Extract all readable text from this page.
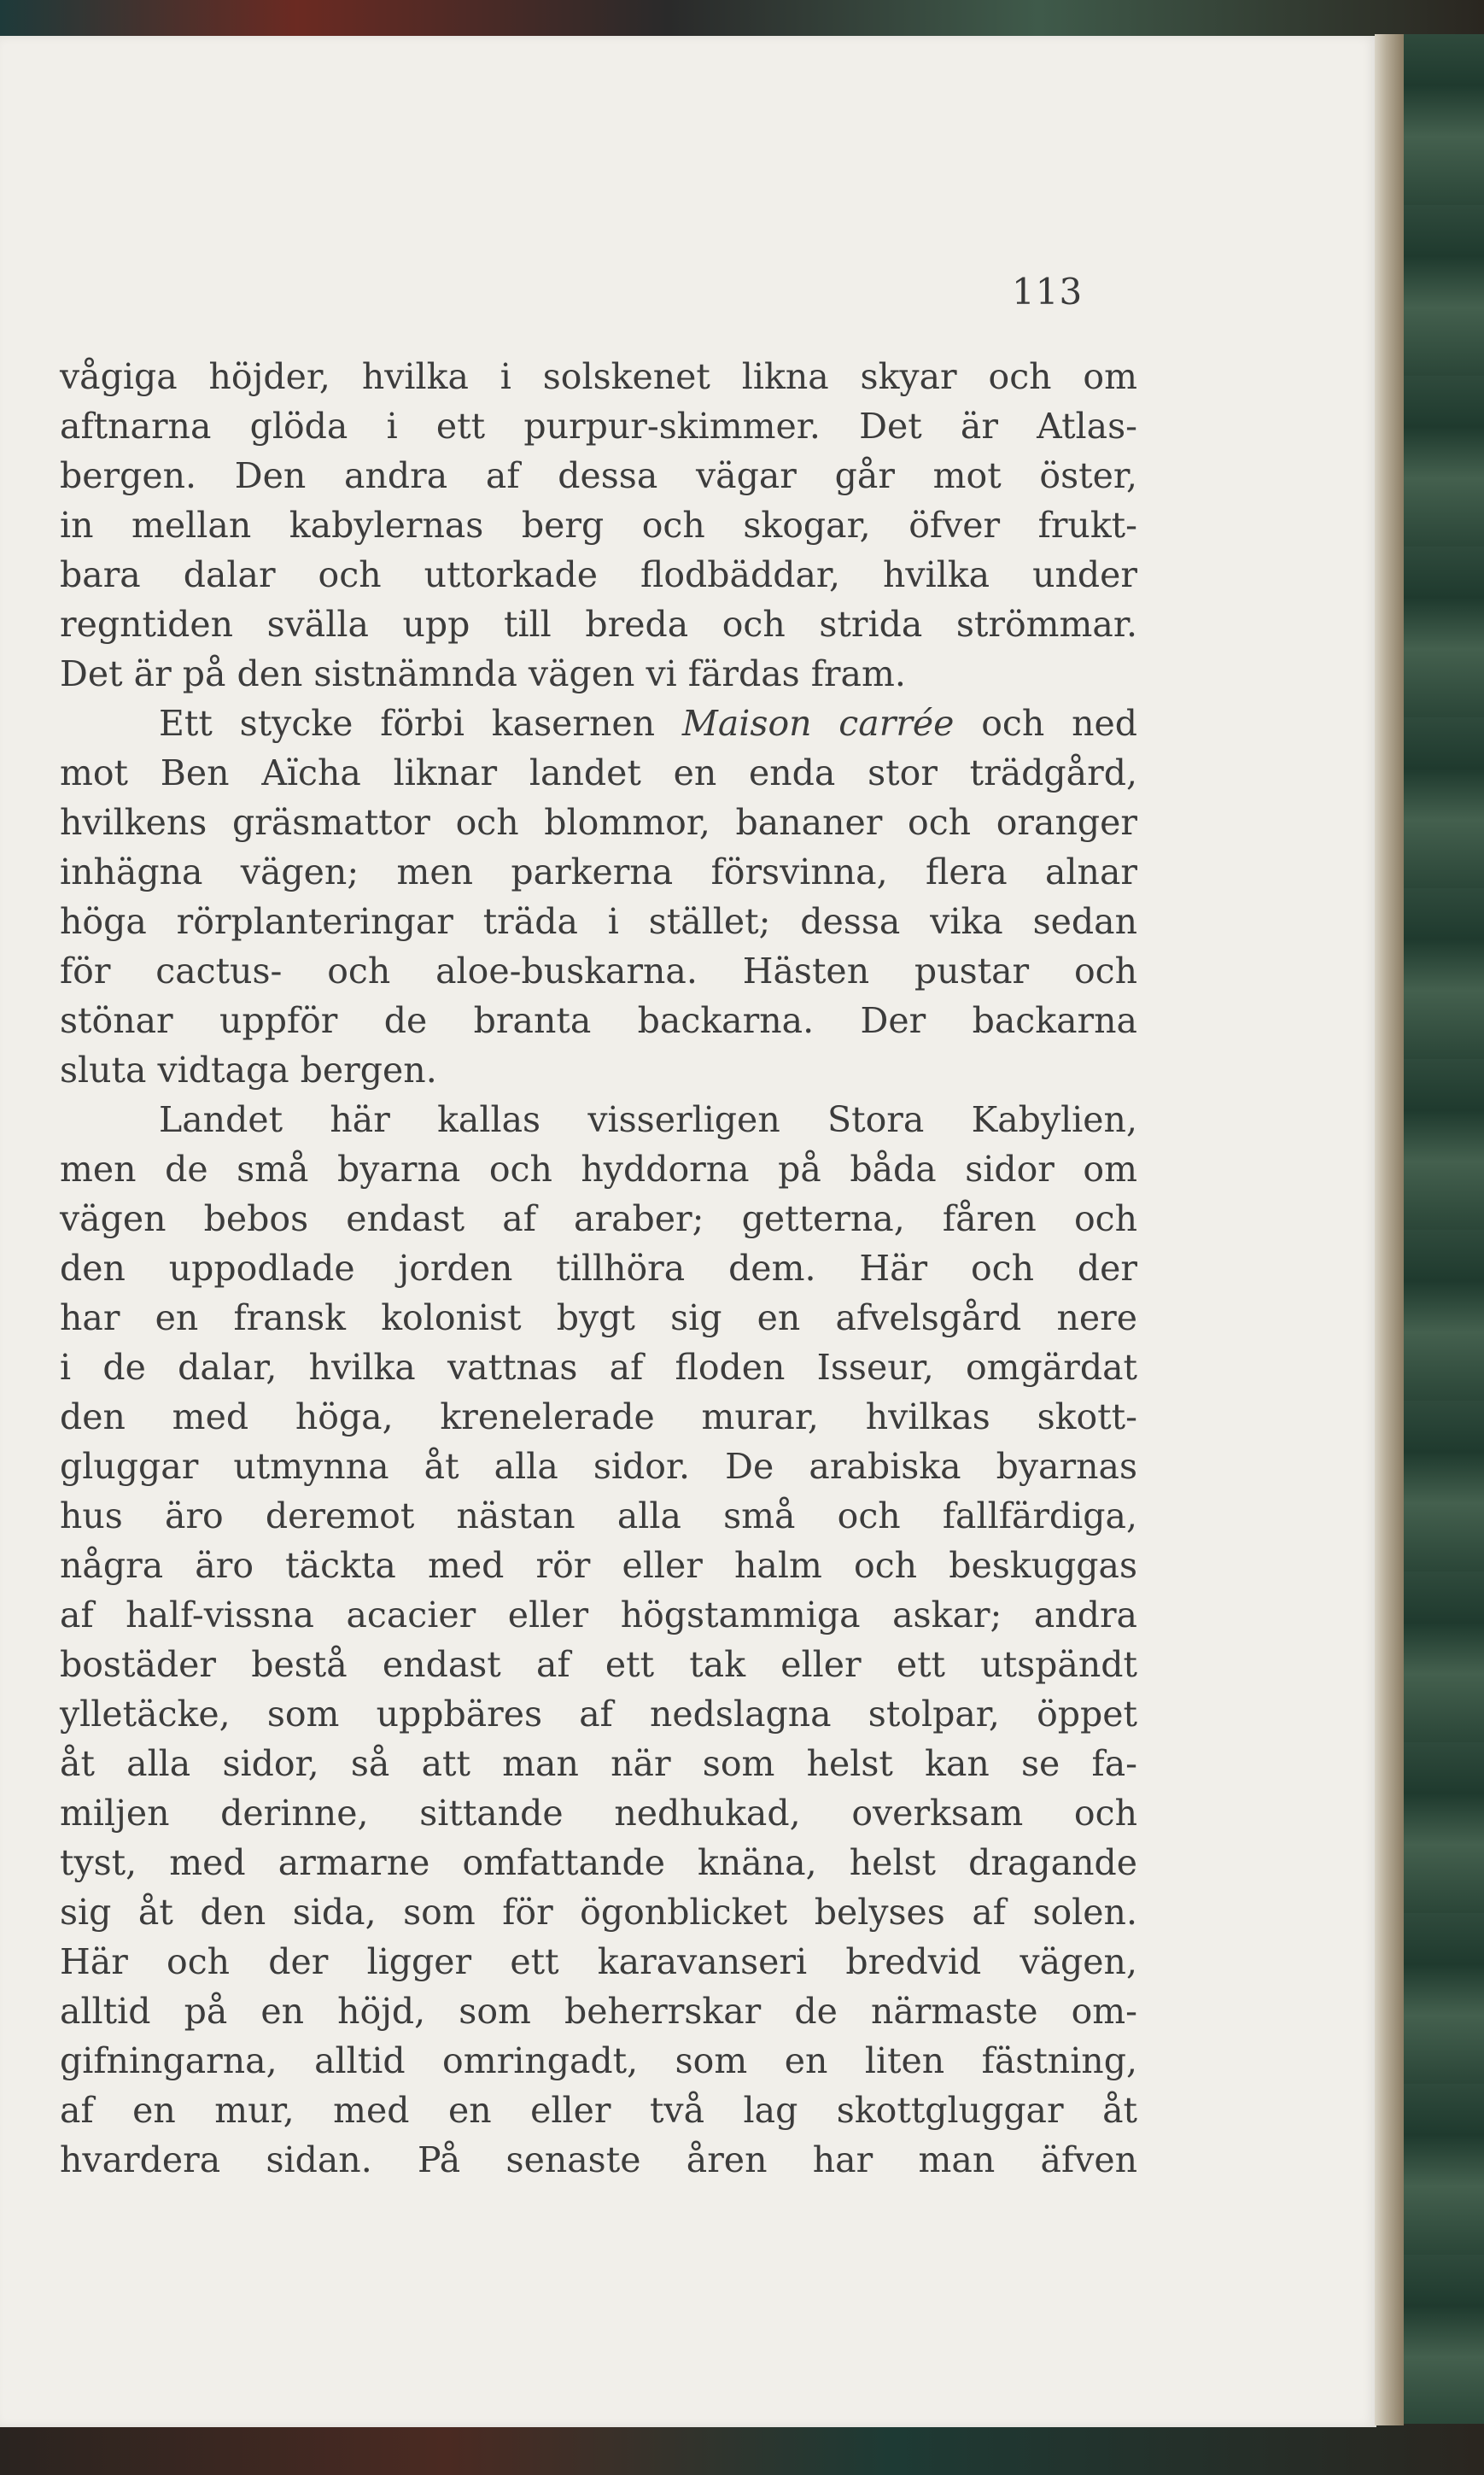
113
vågiga höjder, hvilka i solskenet likna skyar och om
aftnarna glöda i ett purpur-skimmer. Det är Atlas-
bergen. Den andra af dessa vägar går mot öster,
in mellan kabylernas berg och skogar, öfver frukt-
bara dalar och uttorkade flodbäddar, hvilka under
regntiden svälla upp till breda och strida strömmar.
Det är på den sistnämnda vägen vi färdas fram.
Ett stycke förbi kasernen Maison carrée och ned
mot Ben Aïcha liknar landet en enda stor trädgård,
hvilkens gräsmattor och blommor, bananer och oranger
inhägna vägen; men parkerna försvinna, flera alnar
höga rörplanteringar träda i stället; dessa vika sedan
för cactus- och aloe-buskarna. Hästen pustar och
stönar uppför de branta backarna. Der backarna
sluta vidtaga bergen.
Landet här kallas visserligen Stora Kabylien,
men de små byarna och hyddorna på båda sidor om
vägen bebos endast af araber; getterna, fåren och
den uppodlade jorden tillhöra dem. Här och der
har en fransk kolonist bygt sig en afvelsgård nere
i de dalar, hvilka vattnas af floden Isseur, omgärdat
den med höga, krenelerade murar, hvilkas skott-
gluggar utmynna åt alla sidor. De arabiska byarnas
hus äro deremot nästan alla små och fallfärdiga,
några äro täckta med rör eller halm och beskuggas
af half-vissna acacier eller högstammiga askar; andra
bostäder bestå endast af ett tak eller ett utspändt
ylletäcke, som uppbäres af nedslagna stolpar, öppet
åt alla sidor, så att man när som helst kan se fa-
miljen derinne, sittande nedhukad, overksam och
tyst, med armarne omfattande knäna, helst dragande
sig åt den sida, som för ögonblicket belyses af solen.
Här och der ligger ett karavanseri bredvid vägen,
alltid på en höjd, som beherrskar de närmaste om-
gifningarna, alltid omringadt, som en liten fästning,
af en mur, med en eller två lag skottgluggar åt
hvardera sidan. På senaste åren har man äfven
